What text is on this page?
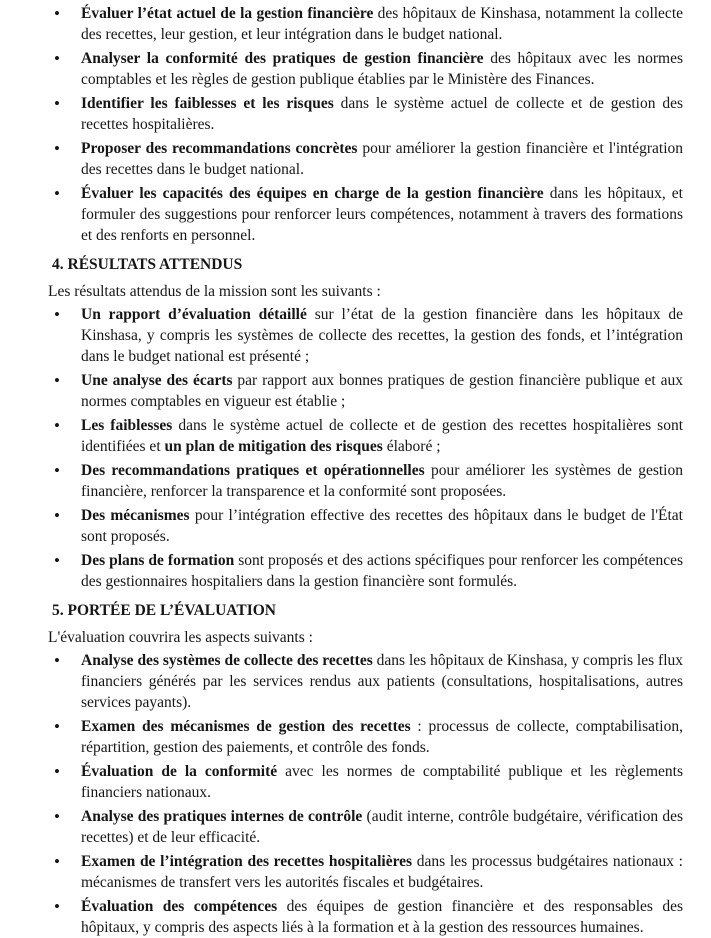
• Évaluer l’état actuel de la gestion financière des hôpitaux de Kinshasa, notamment la collecte des recettes, leur gestion, et leur intégration dans le budget national.
• Analyser la conformité des pratiques de gestion financière des hôpitaux avec les normes comptables et les règles de gestion publique établies par le Ministère des Finances.
• Identifier les faiblesses et les risques dans le système actuel de collecte et de gestion des recettes hospitalières.
• Proposer des recommandations concrètes pour améliorer la gestion financière et l'intégration des recettes dans le budget national.
• Évaluer les capacités des équipes en charge de la gestion financière dans les hôpitaux, et formuler des suggestions pour renforcer leurs compétences, notamment à travers des formations et des renforts en personnel.
4. RÉSULTATS ATTENDUS
Les résultats attendus de la mission sont les suivants :
• Un rapport d’évaluation détaillé sur l’état de la gestion financière dans les hôpitaux de Kinshasa, y compris les systèmes de collecte des recettes, la gestion des fonds, et l’intégration dans le budget national est présenté ;
• Une analyse des écarts par rapport aux bonnes pratiques de gestion financière publique et aux normes comptables en vigueur est établie ;
• Les faiblesses dans le système actuel de collecte et de gestion des recettes hospitalières sont identifiées et un plan de mitigation des risques élaboré ;
• Des recommandations pratiques et opérationnelles pour améliorer les systèmes de gestion financière, renforcer la transparence et la conformité sont proposées.
• Des mécanismes pour l’intégration effective des recettes des hôpitaux dans le budget de l'État sont proposés.
• Des plans de formation sont proposés et des actions spécifiques pour renforcer les compétences des gestionnaires hospitaliers dans la gestion financière sont formulés.
5. PORTÉE DE L’ÉVALUATION
L'évaluation couvrira les aspects suivants :
• Analyse des systèmes de collecte des recettes dans les hôpitaux de Kinshasa, y compris les flux financiers générés par les services rendus aux patients (consultations, hospitalisations, autres services payants).
• Examen des mécanismes de gestion des recettes : processus de collecte, comptabilisation, répartition, gestion des paiements, et contrôle des fonds.
• Évaluation de la conformité avec les normes de comptabilité publique et les règlements financiers nationaux.
• Analyse des pratiques internes de contrôle (audit interne, contrôle budgétaire, vérification des recettes) et de leur efficacité.
• Examen de l’intégration des recettes hospitalières dans les processus budgétaires nationaux : mécanismes de transfert vers les autorités fiscales et budgétaires.
• Évaluation des compétences des équipes de gestion financière et des responsables des hôpitaux, y compris des aspects liés à la formation et à la gestion des ressources humaines.
